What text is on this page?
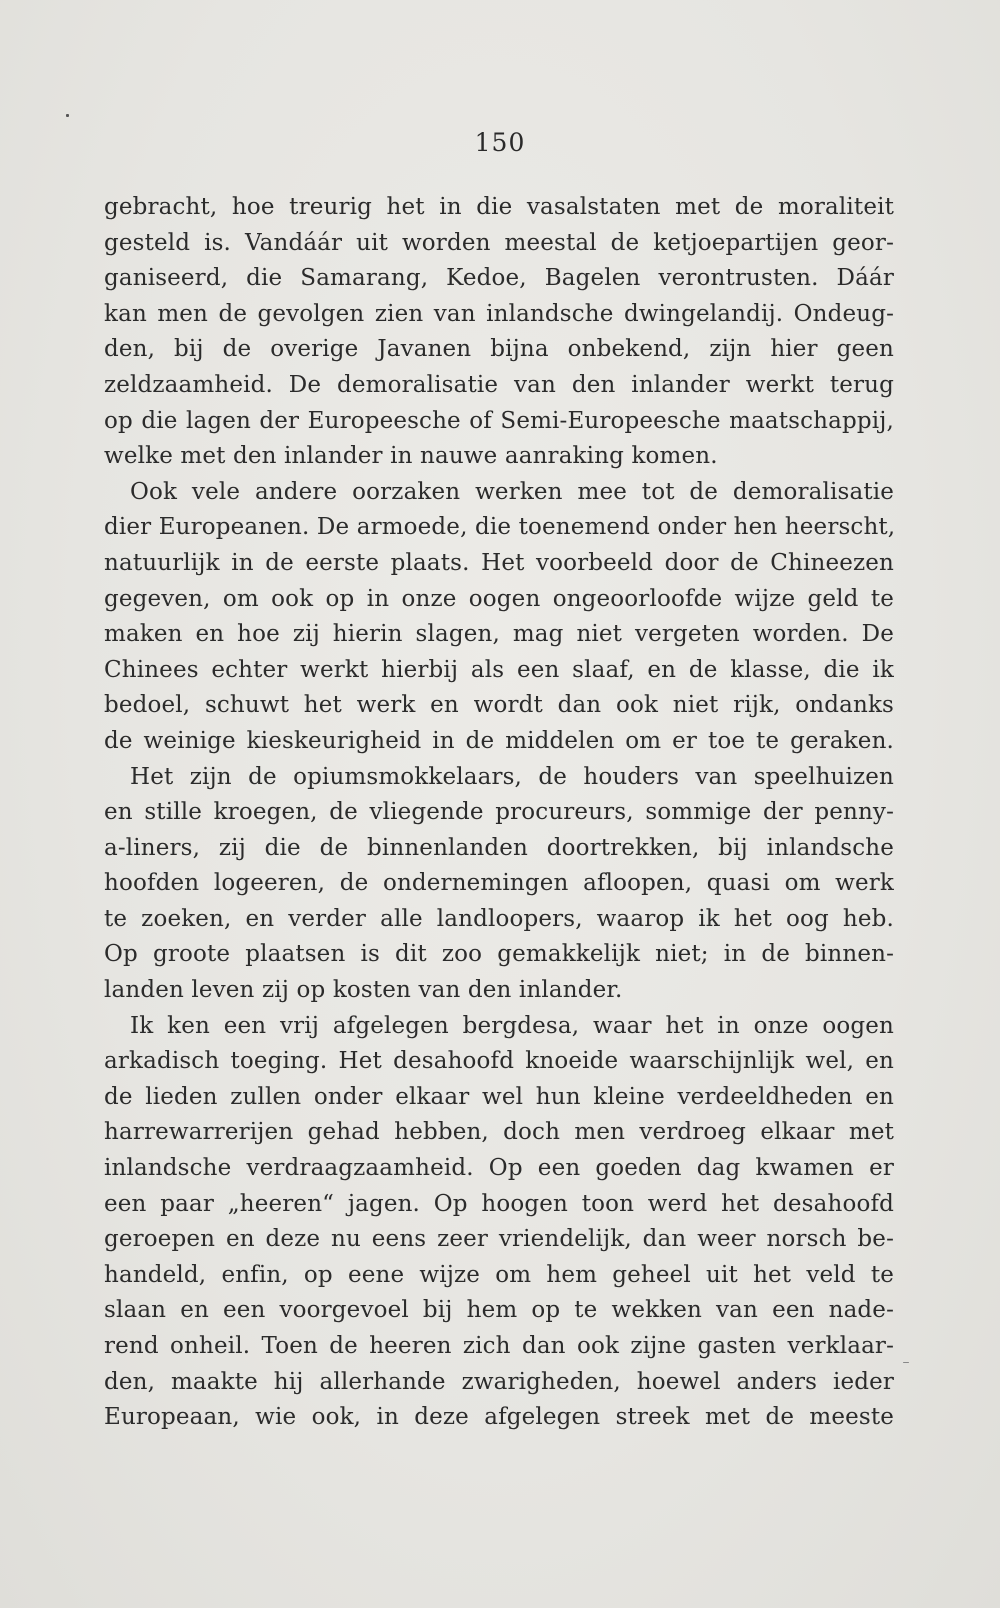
150
gebracht, hoe treurig het in die vasalstaten met de moraliteit
gesteld is. Vandáár uit worden meestal de ketjoepartijen geor-
ganiseerd, die Samarang, Kedoe, Bagelen verontrusten. Dáár
kan men de gevolgen zien van inlandsche dwingelandij. Ondeug-
den, bij de overige Javanen bijna onbekend, zijn hier geen
zeldzaamheid. De demoralisatie van den inlander werkt terug
op die lagen der Europeesche of Semi-Europeesche maatschappij,
welke met den inlander in nauwe aanraking komen.
Ook vele andere oorzaken werken mee tot de demoralisatie
dier Europeanen. De armoede, die toenemend onder hen heerscht,
natuurlijk in de eerste plaats. Het voorbeeld door de Chineezen
gegeven, om ook op in onze oogen ongeoorloofde wijze geld te
maken en hoe zij hierin slagen, mag niet vergeten worden. De
Chinees echter werkt hierbij als een slaaf, en de klasse, die ik
bedoel, schuwt het werk en wordt dan ook niet rijk, ondanks
de weinige kieskeurigheid in de middelen om er toe te geraken.
Het zijn de opiumsmokkelaars, de houders van speelhuizen
en stille kroegen, de vliegende procureurs, sommige der penny-
a-liners, zij die de binnenlanden doortrekken, bij inlandsche
hoofden logeeren, de ondernemingen afloopen, quasi om werk
te zoeken, en verder alle landloopers, waarop ik het oog heb.
Op groote plaatsen is dit zoo gemakkelijk niet; in de binnen-
landen leven zij op kosten van den inlander.
Ik ken een vrij afgelegen bergdesa, waar het in onze oogen
arkadisch toeging. Het desahoofd knoeide waarschijnlijk wel, en
de lieden zullen onder elkaar wel hun kleine verdeeldheden en
harrewarrerijen gehad hebben, doch men verdroeg elkaar met
inlandsche verdraagzaamheid. Op een goeden dag kwamen er
een paar „heeren“ jagen. Op hoogen toon werd het desahoofd
geroepen en deze nu eens zeer vriendelijk, dan weer norsch be-
handeld, enfin, op eene wijze om hem geheel uit het veld te
slaan en een voorgevoel bij hem op te wekken van een nade-
rend onheil. Toen de heeren zich dan ook zijne gasten verklaar-
den, maakte hij allerhande zwarigheden, hoewel anders ieder
Europeaan, wie ook, in deze afgelegen streek met de meeste
